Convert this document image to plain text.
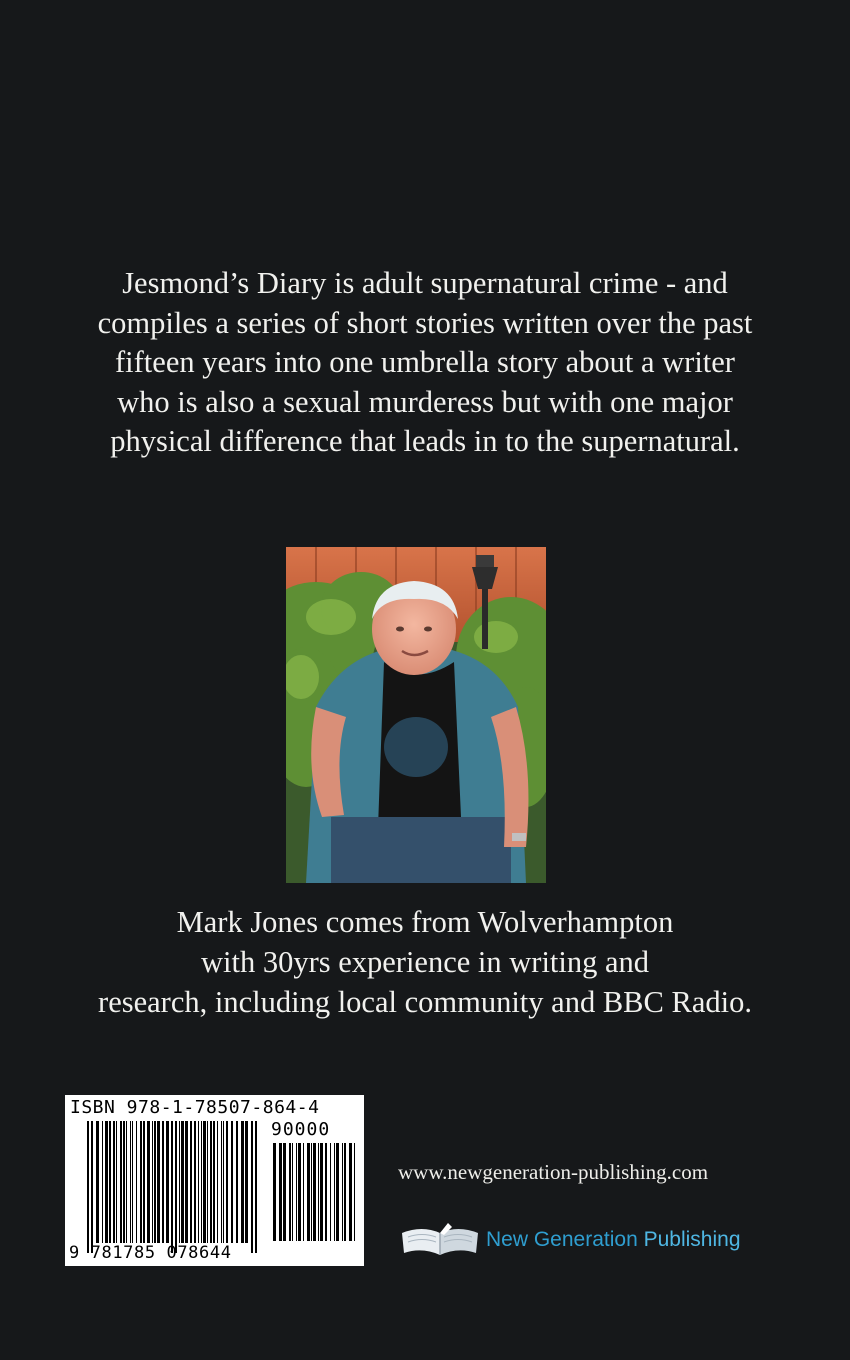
Jesmond’s Diary is adult supernatural crime - and
compiles a series of short stories written over the past
fifteen years into one umbrella story about a writer
who is also a sexual murderess but with one major
physical difference that leads in to the supernatural.
Mark Jones comes from Wolverhampton
with 30yrs experience in writing and
research, including local community and BBC Radio.
ISBN 978-1-78507-864-4
90000
9 781785 078644
www.newgeneration-publishing.com
New Generation Publishing
